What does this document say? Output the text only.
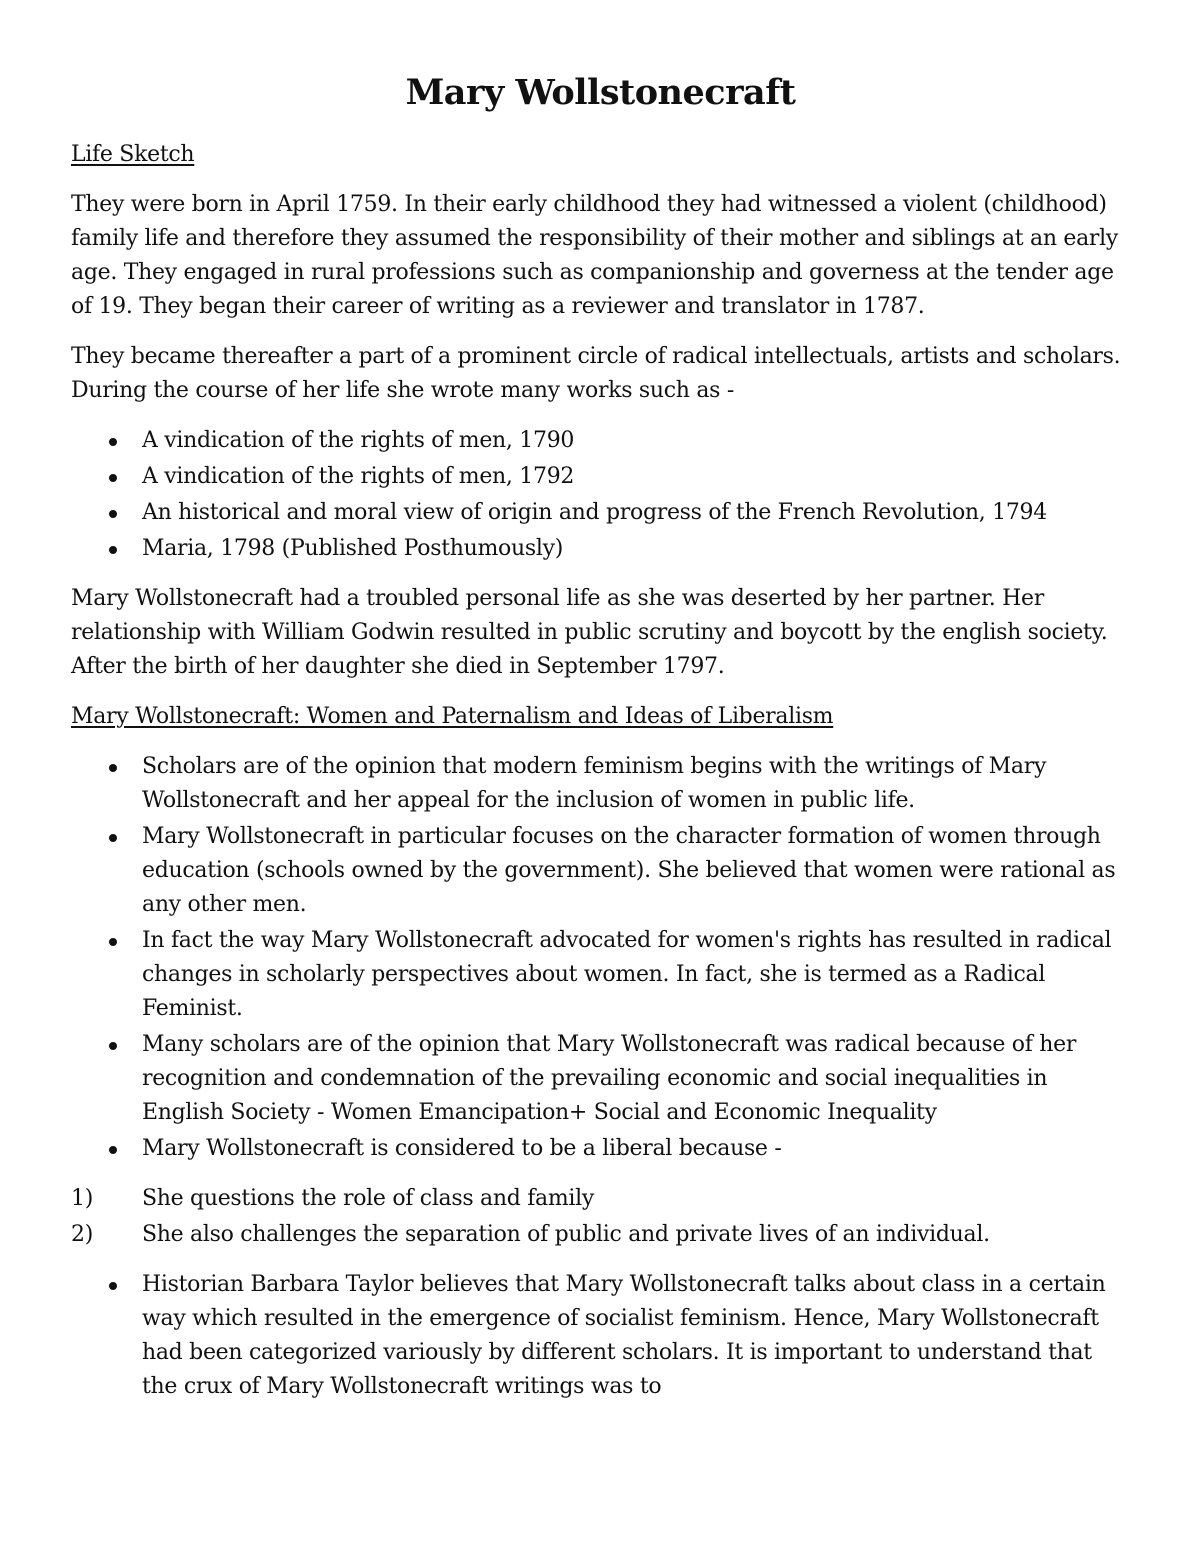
Mary Wollstonecraft
Life Sketch

They were born in April 1759. In their early childhood they had witnessed a violent (childhood) family life and therefore they assumed the responsibility of their mother and siblings at an early age. They engaged in rural professions such as companionship and governess at the tender age of 19. They began their career of writing as a reviewer and translator in 1787.

They became thereafter a part of a prominent circle of radical intellectuals, artists and scholars. During the course of her life she wrote many works such as -

A vindication of the rights of men, 1790
A vindication of the rights of men, 1792
An historical and moral view of origin and progress of the French Revolution, 1794
Maria, 1798 (Published Posthumously)

Mary Wollstonecraft had a troubled personal life as she was deserted by her partner. Her relationship with William Godwin resulted in public scrutiny and boycott by the english society. After the birth of her daughter she died in September 1797.

Mary Wollstonecraft: Women and Paternalism and Ideas of Liberalism
Scholars are of the opinion that modern feminism begins with the writings of Mary Wollstonecraft and her appeal for the inclusion of women in public life.
Mary Wollstonecraft in particular focuses on the character formation of women through education (schools owned by the government). She believed that women were rational as any other men.
In fact the way Mary Wollstonecraft advocated for women's rights has resulted in radical changes in scholarly perspectives about women. In fact, she is termed as a Radical Feminist.
Many scholars are of the opinion that Mary Wollstonecraft was radical because of her recognition and condemnation of the prevailing economic and social inequalities in English Society - Women Emancipation+ Social and Economic Inequality
Mary Wollstonecraft is considered to be a liberal because -
1)	She questions the role of class and family
2)	She also challenges the separation of public and private lives of an individual.
Historian Barbara Taylor believes that Mary Wollstonecraft talks about class in a certain way which resulted in the emergence of socialist feminism. Hence, Mary Wollstonecraft had been categorized variously by different scholars. It is important to understand that the crux of Mary Wollstonecraft writings was to
